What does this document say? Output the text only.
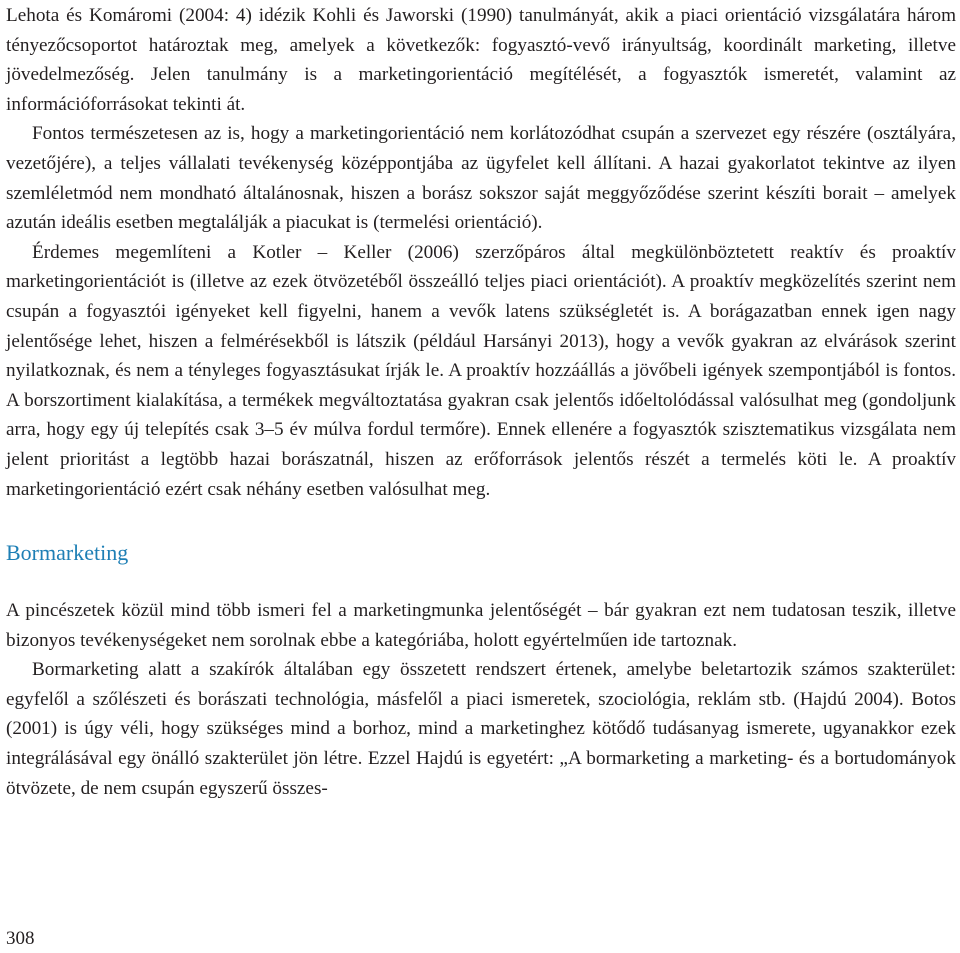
Lehota és Komáromi (2004: 4) idézik Kohli és Jaworski (1990) tanulmányát, akik a piaci orientáció vizsgálatára három tényezőcsoportot határoztak meg, amelyek a következők: fogyasztó-vevő irányultság, koordinált marketing, illetve jövedelmezőség. Jelen tanulmány is a marketingorientáció megítélését, a fogyasztók ismeretét, valamint az információforrásokat tekinti át.

Fontos természetesen az is, hogy a marketingorientáció nem korlátozódhat csupán a szervezet egy részére (osztályára, vezetőjére), a teljes vállalati tevékenység középpontjába az ügyfelet kell állítani. A hazai gyakorlatot tekintve az ilyen szemléletmód nem mondható általánosnak, hiszen a borász sokszor saját meggyőződése szerint készíti borait – amelyek azután ideális esetben megtalálják a piacukat is (termelési orientáció).

Érdemes megemlíteni a Kotler – Keller (2006) szerzőpáros által megkülönböztetett reaktív és proaktív marketingorientációt is (illetve az ezek ötvözetéből összeálló teljes piaci orientációt). A proaktív megközelítés szerint nem csupán a fogyasztói igényeket kell figyelni, hanem a vevők latens szükségletét is. A borágazatban ennek igen nagy jelentősége lehet, hiszen a felmérésekből is látszik (például Harsányi 2013), hogy a vevők gyakran az elvárások szerint nyilatkoznak, és nem a tényleges fogyasztásukat írják le. A proaktív hozzáállás a jövőbeli igények szempontjából is fontos. A borszortiment kialakítása, a termékek megváltoztatása gyakran csak jelentős időeltolódással valósulhat meg (gondoljunk arra, hogy egy új telepítés csak 3–5 év múlva fordul termőre). Ennek ellenére a fogyasztók szisztematikus vizsgálata nem jelent prioritást a legtöbb hazai borászatnál, hiszen az erőforrások jelentős részét a termelés köti le. A proaktív marketingorientáció ezért csak néhány esetben valósulhat meg.

Bormarketing

A pincészetek közül mind több ismeri fel a marketingmunka jelentőségét – bár gyakran ezt nem tudatosan teszik, illetve bizonyos tevékenységeket nem sorolnak ebbe a kategóriába, holott egyértelműen ide tartoznak.

Bormarketing alatt a szakírók általában egy összetett rendszert értenek, amelybe beletartozik számos szakterület: egyfelől a szőlészeti és borászati technológia, másfelől a piaci ismeretek, szociológia, reklám stb. (Hajdú 2004). Botos (2001) is úgy véli, hogy szükséges mind a borhoz, mind a marketinghez kötődő tudásanyag ismerete, ugyanakkor ezek integrálásával egy önálló szakterület jön létre. Ezzel Hajdú is egyetért: „A bormarketing a marketing- és a bortudományok ötvözete, de nem csupán egyszerű összes-

308
